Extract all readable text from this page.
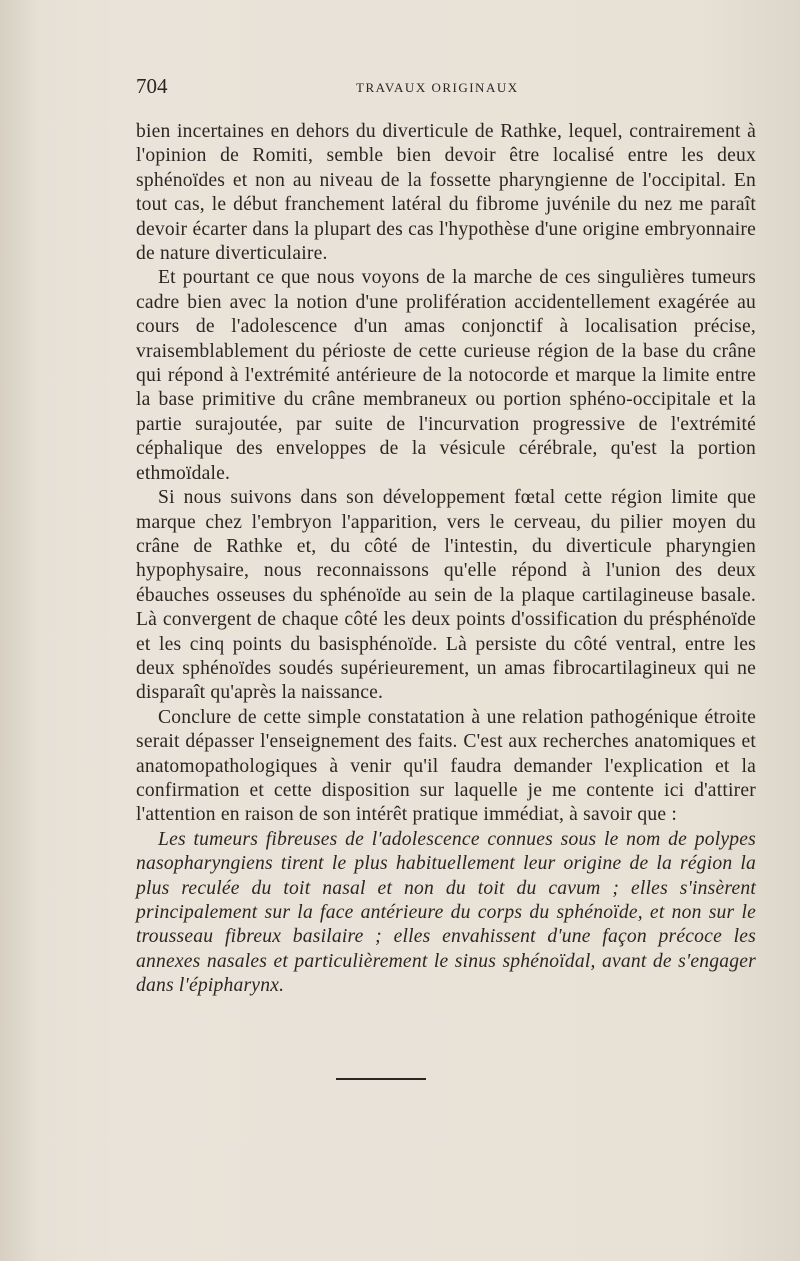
704	TRAVAUX ORIGINAUX

bien incertaines en dehors du diverticule de Rathke, lequel, contrairement à l'opinion de Romiti, semble bien devoir être localisé entre les deux sphénoïdes et non au niveau de la fossette pharyngienne de l'occipital. En tout cas, le début franchement latéral du fibrome juvénile du nez me paraît devoir écarter dans la plupart des cas l'hypothèse d'une origine embryonnaire de nature diverticulaire.

Et pourtant ce que nous voyons de la marche de ces singulières tumeurs cadre bien avec la notion d'une prolifération accidentellement exagérée au cours de l'adolescence d'un amas conjonctif à localisation précise, vraisemblablement du périoste de cette curieuse région de la base du crâne qui répond à l'extrémité antérieure de la notocorde et marque la limite entre la base primitive du crâne membraneux ou portion sphéno-occipitale et la partie surajoutée, par suite de l'incurvation progressive de l'extrémité céphalique des enveloppes de la vésicule cérébrale, qu'est la portion ethmoïdale.

Si nous suivons dans son développement fœtal cette région limite que marque chez l'embryon l'apparition, vers le cerveau, du pilier moyen du crâne de Rathke et, du côté de l'intestin, du diverticule pharyngien hypophysaire, nous reconnaissons qu'elle répond à l'union des deux ébauches osseuses du sphénoïde au sein de la plaque cartilagineuse basale. Là convergent de chaque côté les deux points d'ossification du présphénoïde et les cinq points du basisphénoïde. Là persiste du côté ventral, entre les deux sphénoïdes soudés supérieurement, un amas fibrocartilagineux qui ne disparaît qu'après la naissance.

Conclure de cette simple constatation à une relation pathogénique étroite serait dépasser l'enseignement des faits. C'est aux recherches anatomiques et anatomopathologiques à venir qu'il faudra demander l'explication et la confirmation et cette disposition sur laquelle je me contente ici d'attirer l'attention en raison de son intérêt pratique immédiat, à savoir que :

Les tumeurs fibreuses de l'adolescence connues sous le nom de polypes nasopharyngiens tirent le plus habituellement leur origine de la région la plus reculée du toit nasal et non du toit du cavum ; elles s'insèrent principalement sur la face antérieure du corps du sphénoïde, et non sur le trousseau fibreux basilaire ; elles envahissent d'une façon précoce les annexes nasales et particulièrement le sinus sphénoïdal, avant de s'engager dans l'épipharynx.
